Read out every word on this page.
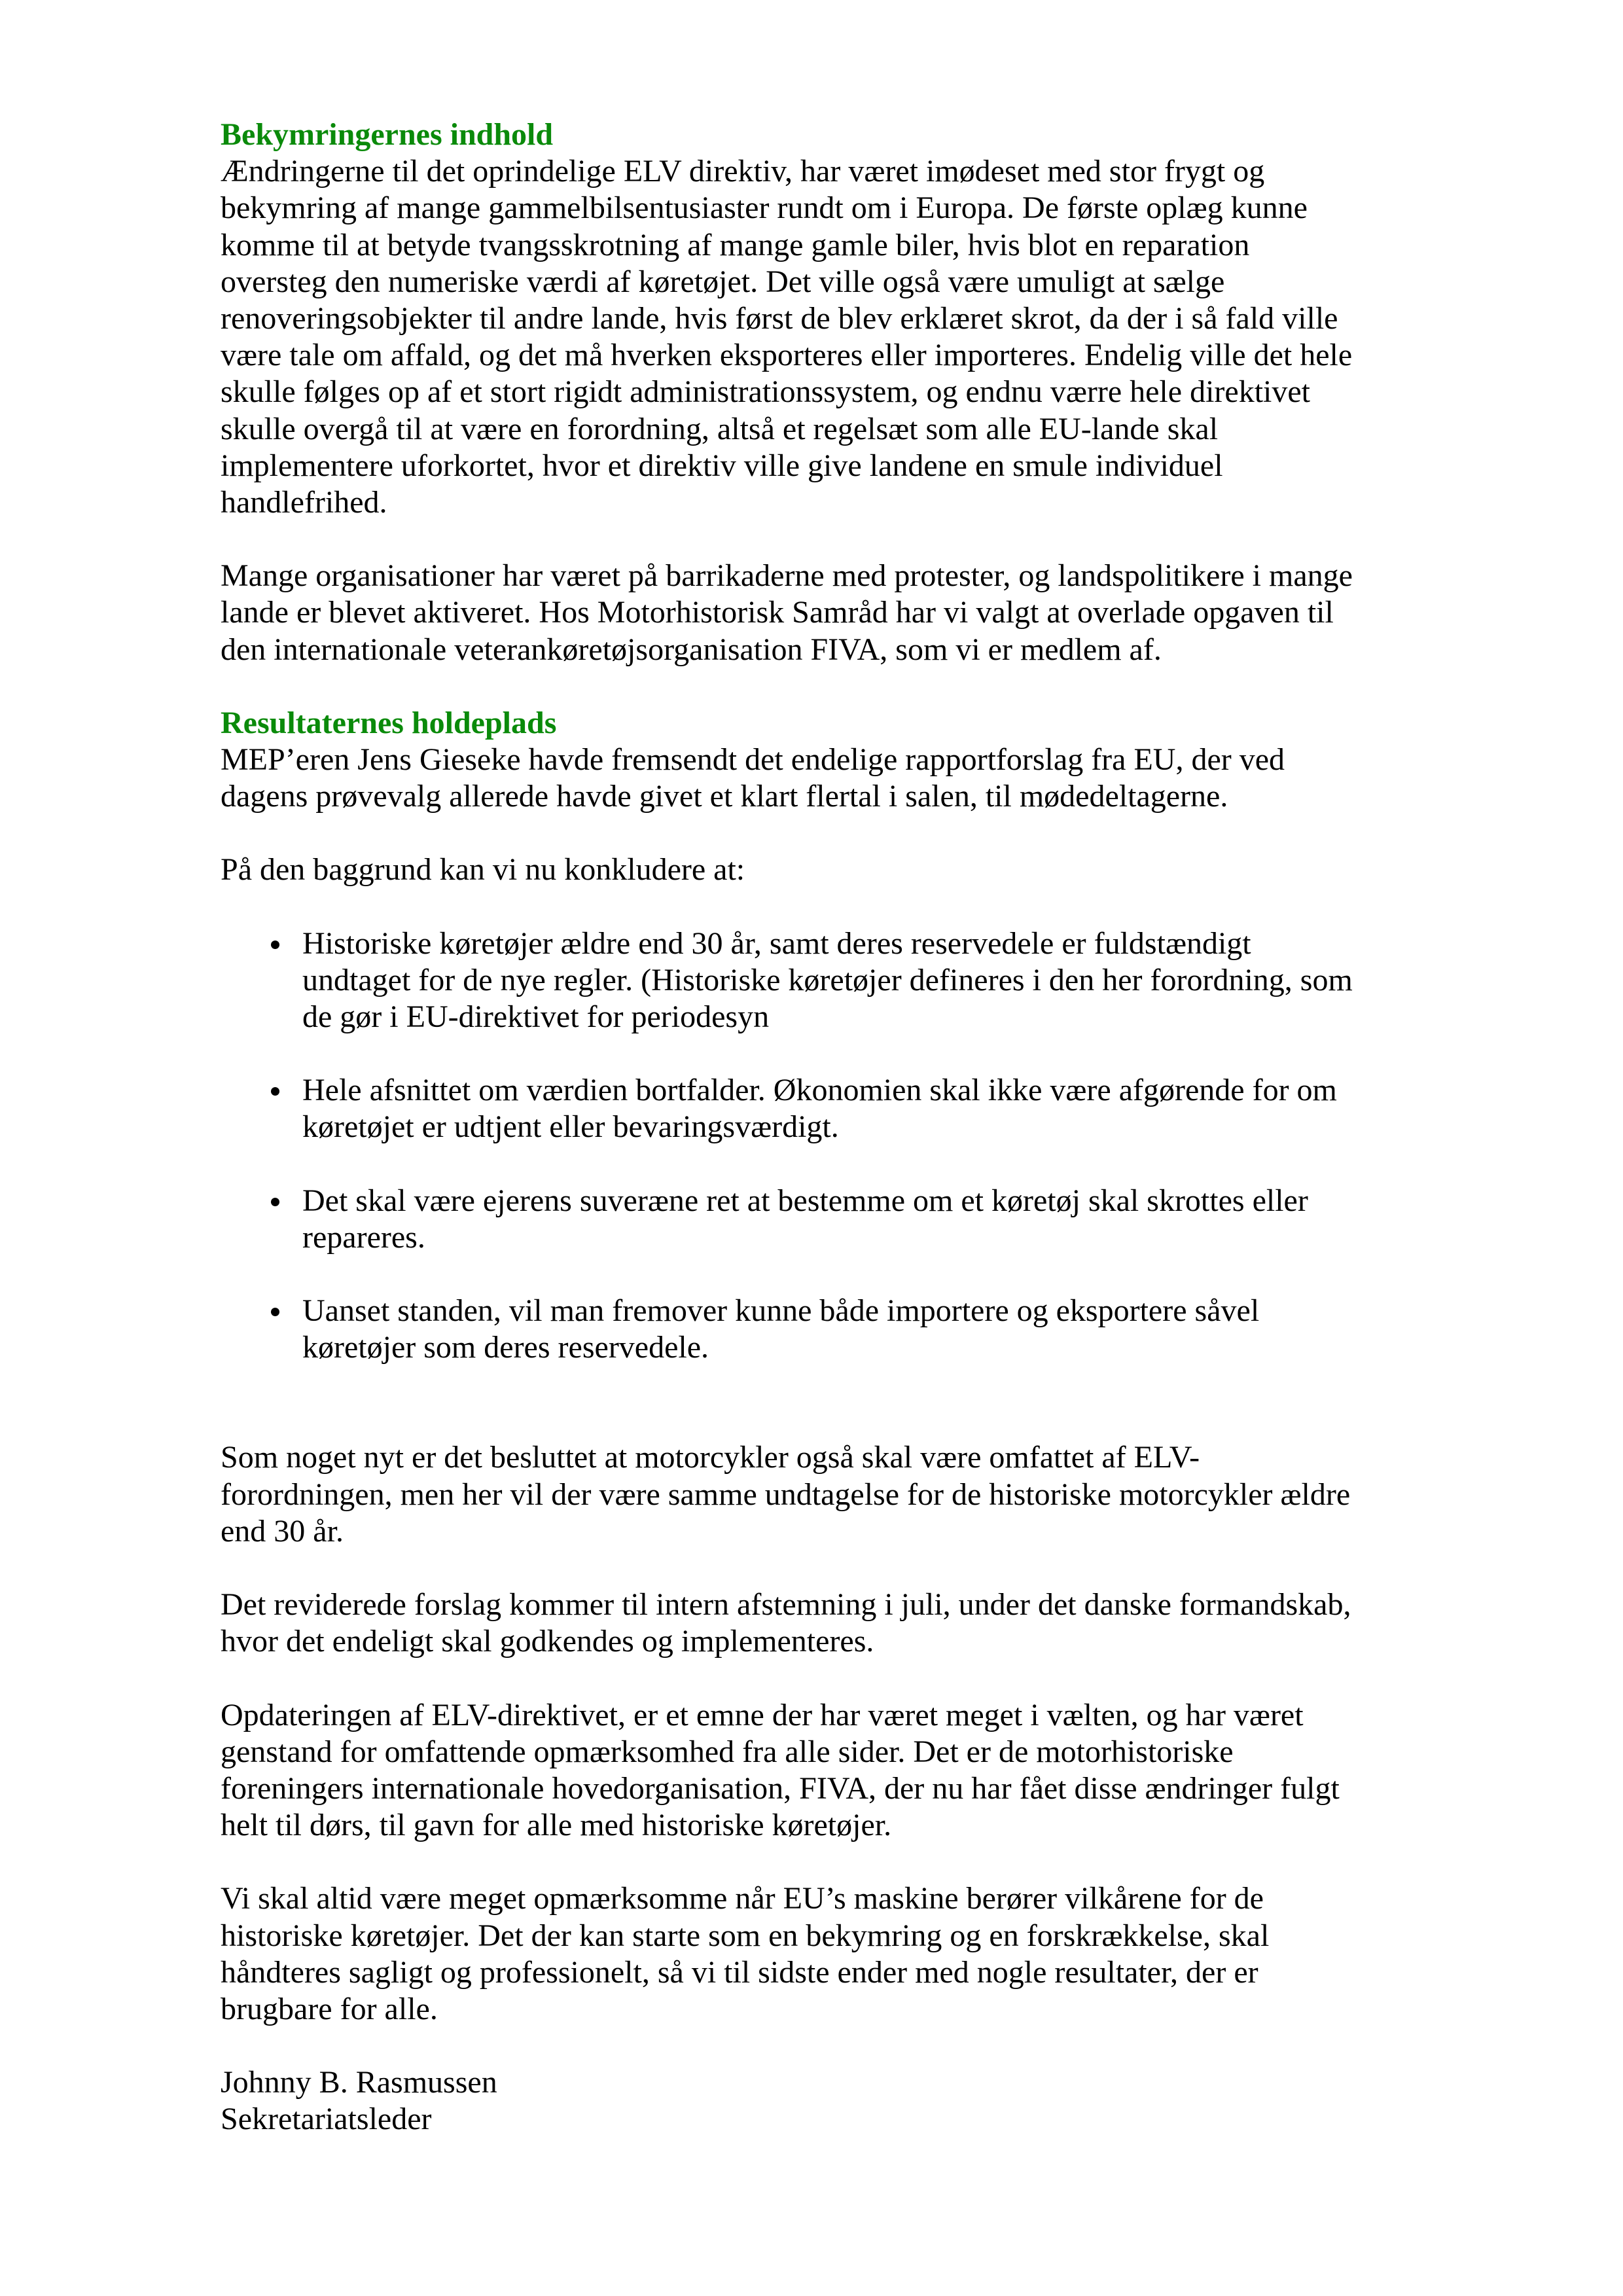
Bekymringernes indhold

Ændringerne til det oprindelige ELV direktiv, har været imødeset med stor frygt og
bekymring af mange gammelbilsentusiaster rundt om i Europa. De første oplæg kunne
komme til at betyde tvangsskrotning af mange gamle biler, hvis blot en reparation
oversteg den numeriske værdi af køretøjet. Det ville også være umuligt at sælge
renoveringsobjekter til andre lande, hvis først de blev erklæret skrot, da der i så fald ville
være tale om affald, og det må hverken eksporteres eller importeres. Endelig ville det hele
skulle følges op af et stort rigidt administrationssystem, og endnu værre hele direktivet
skulle overgå til at være en forordning, altså et regelsæt som alle EU-lande skal
implementere uforkortet, hvor et direktiv ville give landene en smule individuel
handlefrihed.

Mange organisationer har været på barrikaderne med protester, og landspolitikere i mange
lande er blevet aktiveret. Hos Motorhistorisk Samråd har vi valgt at overlade opgaven til
den internationale veterankøretøjsorganisation FIVA, som vi er medlem af.

Resultaternes holdeplads

MEP’eren Jens Gieseke havde fremsendt det endelige rapportforslag fra EU, der ved
dagens prøvevalg allerede havde givet et klart flertal i salen, til mødedeltagerne.

På den baggrund kan vi nu konkludere at:

Historiske køretøjer ældre end 30 år, samt deres reservedele er fuldstændigt
undtaget for de nye regler. (Historiske køretøjer defineres i den her forordning, som
de gør i EU-direktivet for periodesyn
Hele afsnittet om værdien bortfalder. Økonomien skal ikke være afgørende for om
køretøjet er udtjent eller bevaringsværdigt.
Det skal være ejerens suveræne ret at bestemme om et køretøj skal skrottes eller
repareres.
Uanset standen, vil man fremover kunne både importere og eksportere såvel
køretøjer som deres reservedele.

Som noget nyt er det besluttet at motorcykler også skal være omfattet af ELV-
forordningen, men her vil der være samme undtagelse for de historiske motorcykler ældre
end 30 år.

Det reviderede forslag kommer til intern afstemning i juli, under det danske formandskab,
hvor det endeligt skal godkendes og implementeres.

Opdateringen af ELV-direktivet, er et emne der har været meget i vælten, og har været
genstand for omfattende opmærksomhed fra alle sider. Det er de motorhistoriske
foreningers internationale hovedorganisation, FIVA, der nu har fået disse ændringer fulgt
helt til dørs, til gavn for alle med historiske køretøjer.

Vi skal altid være meget opmærksomme når EU’s maskine berører vilkårene for de
historiske køretøjer. Det der kan starte som en bekymring og en forskrækkelse, skal
håndteres sagligt og professionelt, så vi til sidste ender med nogle resultater, der er
brugbare for alle.

Johnny B. Rasmussen
Sekretariatsleder
